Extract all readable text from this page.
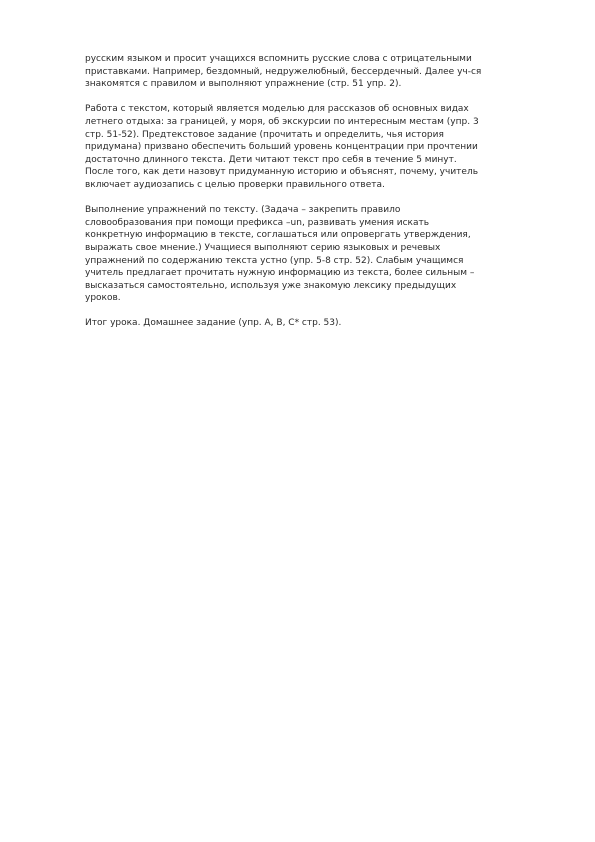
русским языком и просит учащихся вспомнить русские слова с отрицательными
приставками. Например, бездомный, недружелюбный, бессердечный. Далее уч-ся
знакомятся с правилом и выполняют упражнение (стр. 51 упр. 2).

Работа с текстом, который является моделью для рассказов об основных видах
летнего отдыха: за границей, у моря, об экскурсии по интересным местам (упр. 3
стр. 51-52). Предтекстовое задание (прочитать и определить, чья история
придумана) призвано обеспечить больший уровень концентрации при прочтении
достаточно длинного текста. Дети читают текст про себя в течение 5 минут.
После того, как дети назовут придуманную историю и объяснят, почему, учитель
включает аудиозапись с целью проверки правильного ответа.

Выполнение упражнений по тексту. (Задача – закрепить правило
словообразования при помощи префикса –un, развивать умения искать
конкретную информацию в тексте, соглашаться или опровергать утверждения,
выражать свое мнение.) Учащиеся выполняют серию языковых и речевых
упражнений по содержанию текста устно (упр. 5-8 стр. 52). Слабым учащимся
учитель предлагает прочитать нужную информацию из текста, более сильным –
высказаться самостоятельно, используя уже знакомую лексику предыдущих
уроков.

Итог урока. Домашнее задание (упр. А, B, C* стр. 53).
